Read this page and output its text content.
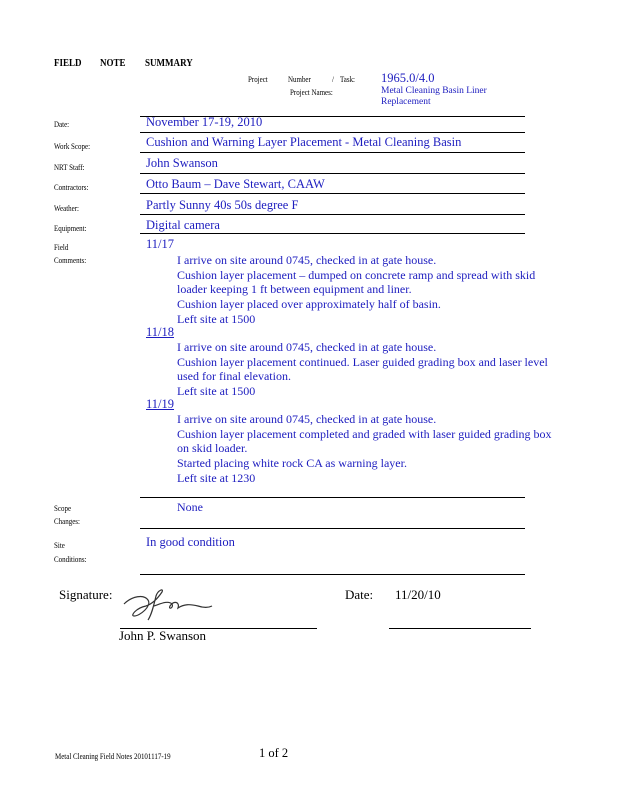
FIELD NOTE SUMMARY
Project Number / Task:
Project Names:
1965.0/4.0
Metal Cleaning Basin Liner
Replacement
Date:	November 17-19, 2010
Work Scope:	Cushion and Warning Layer Placement - Metal Cleaning Basin
NRT Staff:	John Swanson
Contractors:	Otto Baum – Dave Stewart, CAAW
Weather:	Partly Sunny 40s 50s degree F
Equipment:	Digital camera
Field
Comments:
11/17
I arrive on site around 0745, checked in at gate house.
Cushion layer placement – dumped on concrete ramp and spread with skid loader keeping 1 ft between equipment and liner.
Cushion layer placed over approximately half of basin.
Left site at 1500
11/18
I arrive on site around 0745, checked in at gate house.
Cushion layer placement continued. Laser guided grading box and laser level used for final elevation.
Left site at 1500
11/19
I arrive on site around 0745, checked in at gate house.
Cushion layer placement completed and graded with laser guided grading box on skid loader.
Started placing white rock CA as warning layer.
Left site at 1230
Scope
Changes:
None
Site
Conditions:
In good condition
Signature:
John P. Swanson
Date: 11/20/10
Metal Cleaning Field Notes 20101117-19	1 of 2
